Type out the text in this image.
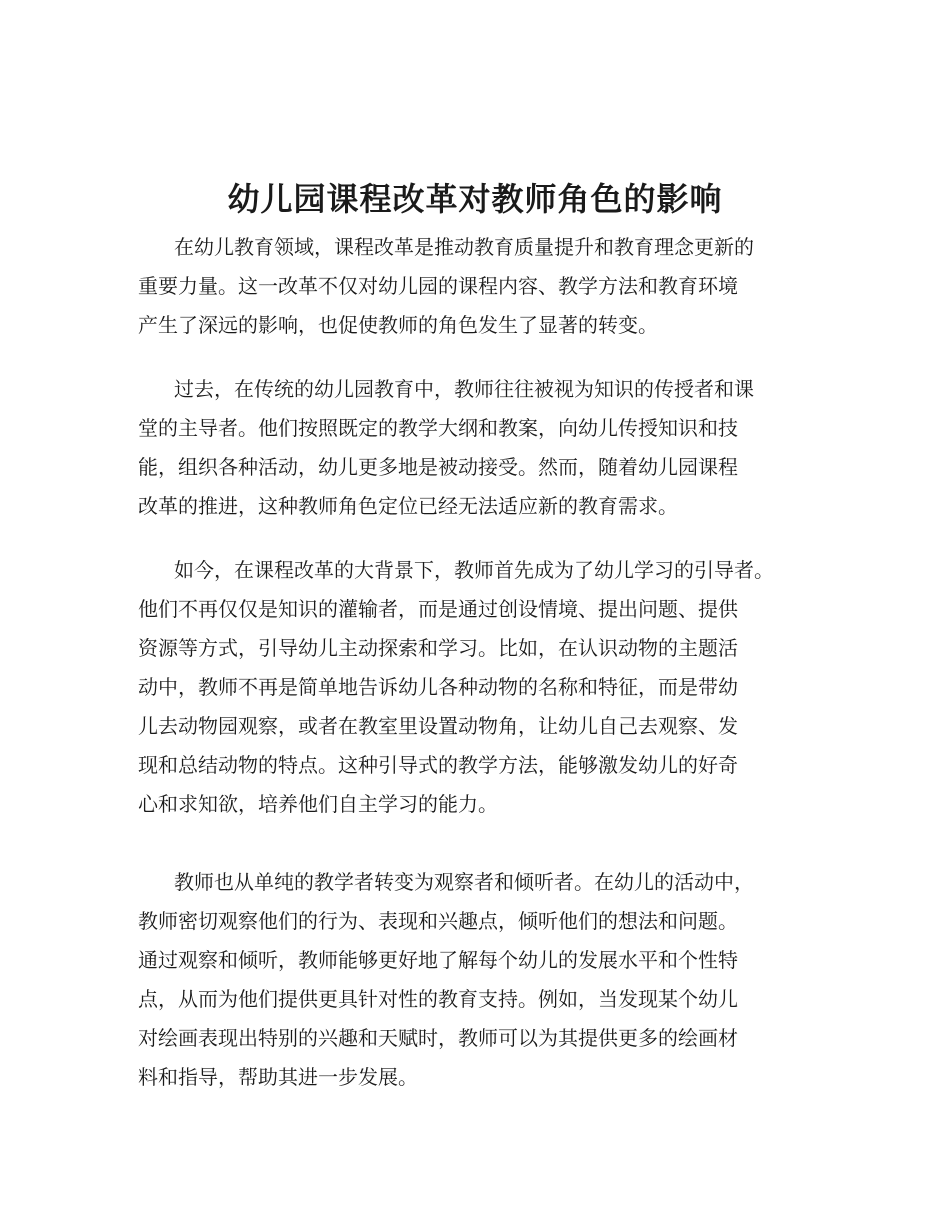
幼儿园课程改革对教师角色的影响
在幼儿教育领域，课程改革是推动教育质量提升和教育理念更新的
重要力量。这一改革不仅对幼儿园的课程内容、教学方法和教育环境
产生了深远的影响，也促使教师的角色发生了显著的转变。
过去，在传统的幼儿园教育中，教师往往被视为知识的传授者和课
堂的主导者。他们按照既定的教学大纲和教案，向幼儿传授知识和技
能，组织各种活动，幼儿更多地是被动接受。然而，随着幼儿园课程
改革的推进，这种教师角色定位已经无法适应新的教育需求。
如今，在课程改革的大背景下，教师首先成为了幼儿学习的引导者。
他们不再仅仅是知识的灌输者，而是通过创设情境、提出问题、提供
资源等方式，引导幼儿主动探索和学习。比如，在认识动物的主题活
动中，教师不再是简单地告诉幼儿各种动物的名称和特征，而是带幼
儿去动物园观察，或者在教室里设置动物角，让幼儿自己去观察、发
现和总结动物的特点。这种引导式的教学方法，能够激发幼儿的好奇
心和求知欲，培养他们自主学习的能力。
教师也从单纯的教学者转变为观察者和倾听者。在幼儿的活动中，
教师密切观察他们的行为、表现和兴趣点，倾听他们的想法和问题。
通过观察和倾听，教师能够更好地了解每个幼儿的发展水平和个性特
点，从而为他们提供更具针对性的教育支持。例如，当发现某个幼儿
对绘画表现出特别的兴趣和天赋时，教师可以为其提供更多的绘画材
料和指导，帮助其进一步发展。
